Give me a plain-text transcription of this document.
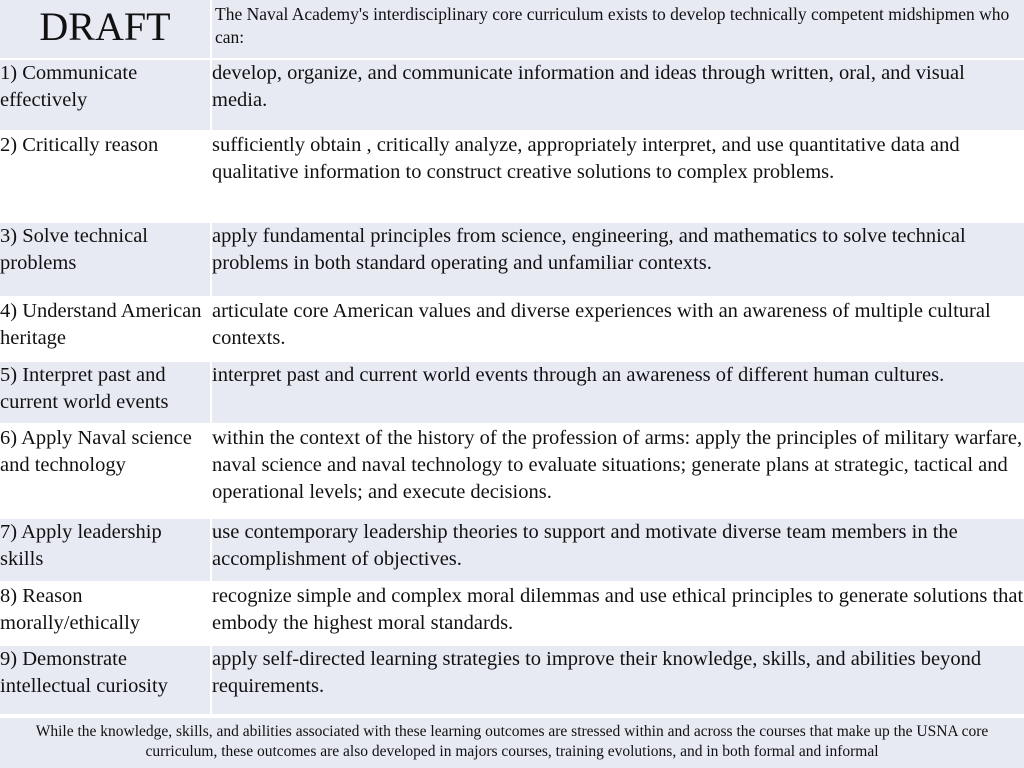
DRAFT	The Naval Academy's interdisciplinary core curriculum exists to develop technically competent midshipmen who can:
1) Communicate effectively	develop, organize, and communicate information and ideas through written, oral, and visual media.
2) Critically reason	sufficiently obtain , critically analyze, appropriately interpret, and use quantitative data and qualitative information to construct creative solutions to complex problems.
3) Solve technical problems	apply fundamental principles from science, engineering, and mathematics to solve technical problems in both standard operating and unfamiliar contexts.
4) Understand American heritage	articulate core American values and diverse experiences with an awareness of multiple cultural contexts.
5) Interpret past and current world events	interpret past and current world events through an awareness of different human cultures.
6) Apply Naval science and technology	within the context of the history of the profession of arms: apply the principles of military warfare, naval science and naval technology to evaluate situations; generate plans at strategic, tactical and operational levels; and execute decisions.
7) Apply leadership skills	use contemporary leadership theories to support and motivate diverse team members in the accomplishment of objectives.
8) Reason morally/ethically	recognize simple and complex moral dilemmas and use ethical principles to generate solutions that embody the highest moral standards.
9) Demonstrate intellectual curiosity	apply self-directed learning strategies to improve their knowledge, skills, and abilities beyond requirements.
While the knowledge, skills, and abilities associated with these learning outcomes are stressed within and across the courses that make up the USNA core curriculum, these outcomes are also developed in majors courses, training evolutions, and in both formal and informal
